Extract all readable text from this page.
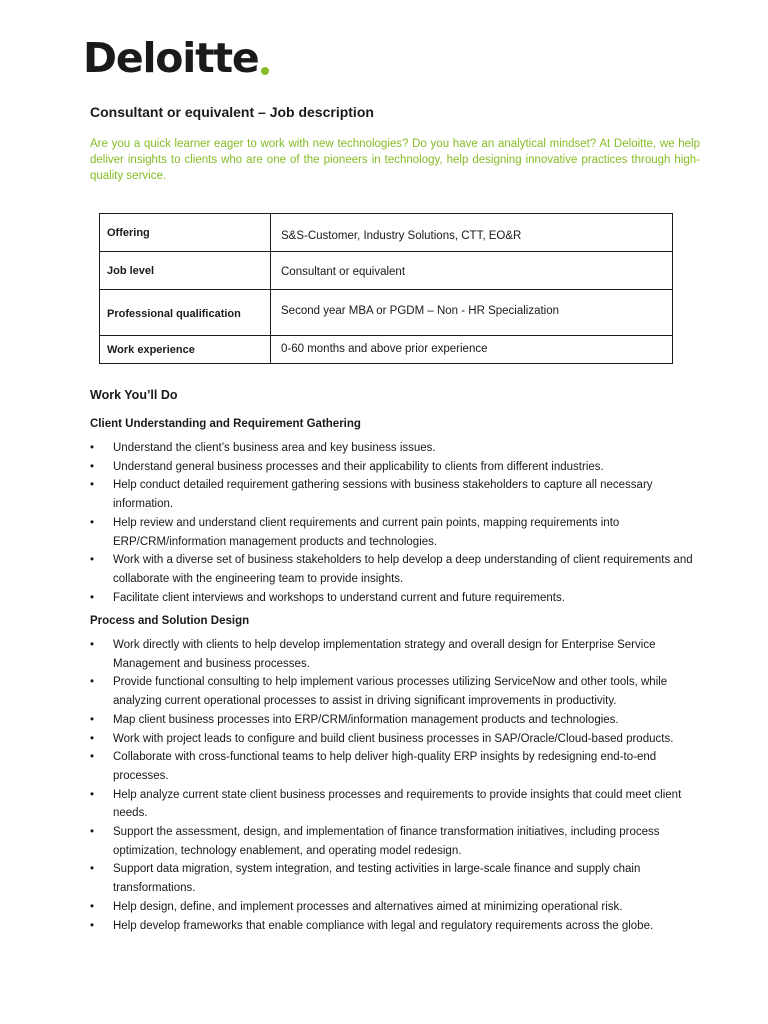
Deloitte
Consultant or equivalent – Job description

Are you a quick learner eager to work with new technologies? Do you have an analytical mindset? At Deloitte, we help deliver insights to clients who are one of the pioneers in technology, help designing innovative practices through high-quality service.

Offering	S&S-Customer, Industry Solutions, CTT, EO&R
Job level	Consultant or equivalent
Professional qualification	Second year MBA or PGDM – Non - HR Specialization
Work experience	0-60 months and above prior experience
Work You’ll Do
Client Understanding and Requirement Gathering
• Understand the client’s business area and key business issues.
• Understand general business processes and their applicability to clients from different industries.
• Help conduct detailed requirement gathering sessions with business stakeholders to capture all necessary information.
• Help review and understand client requirements and current pain points, mapping requirements into ERP/CRM/information management products and technologies.
• Work with a diverse set of business stakeholders to help develop a deep understanding of client requirements and collaborate with the engineering team to provide insights.
• Facilitate client interviews and workshops to understand current and future requirements.
Process and Solution Design
• Work directly with clients to help develop implementation strategy and overall design for Enterprise Service Management and business processes.
• Provide functional consulting to help implement various processes utilizing ServiceNow and other tools, while analyzing current operational processes to assist in driving significant improvements in productivity.
• Map client business processes into ERP/CRM/information management products and technologies.
• Work with project leads to configure and build client business processes in SAP/Oracle/Cloud-based products.
• Collaborate with cross-functional teams to help deliver high-quality ERP insights by redesigning end-to-end processes.
• Help analyze current state client business processes and requirements to provide insights that could meet client needs.
• Support the assessment, design, and implementation of finance transformation initiatives, including process optimization, technology enablement, and operating model redesign.
• Support data migration, system integration, and testing activities in large-scale finance and supply chain transformations.
• Help design, define, and implement processes and alternatives aimed at minimizing operational risk.
• Help develop frameworks that enable compliance with legal and regulatory requirements across the globe.
